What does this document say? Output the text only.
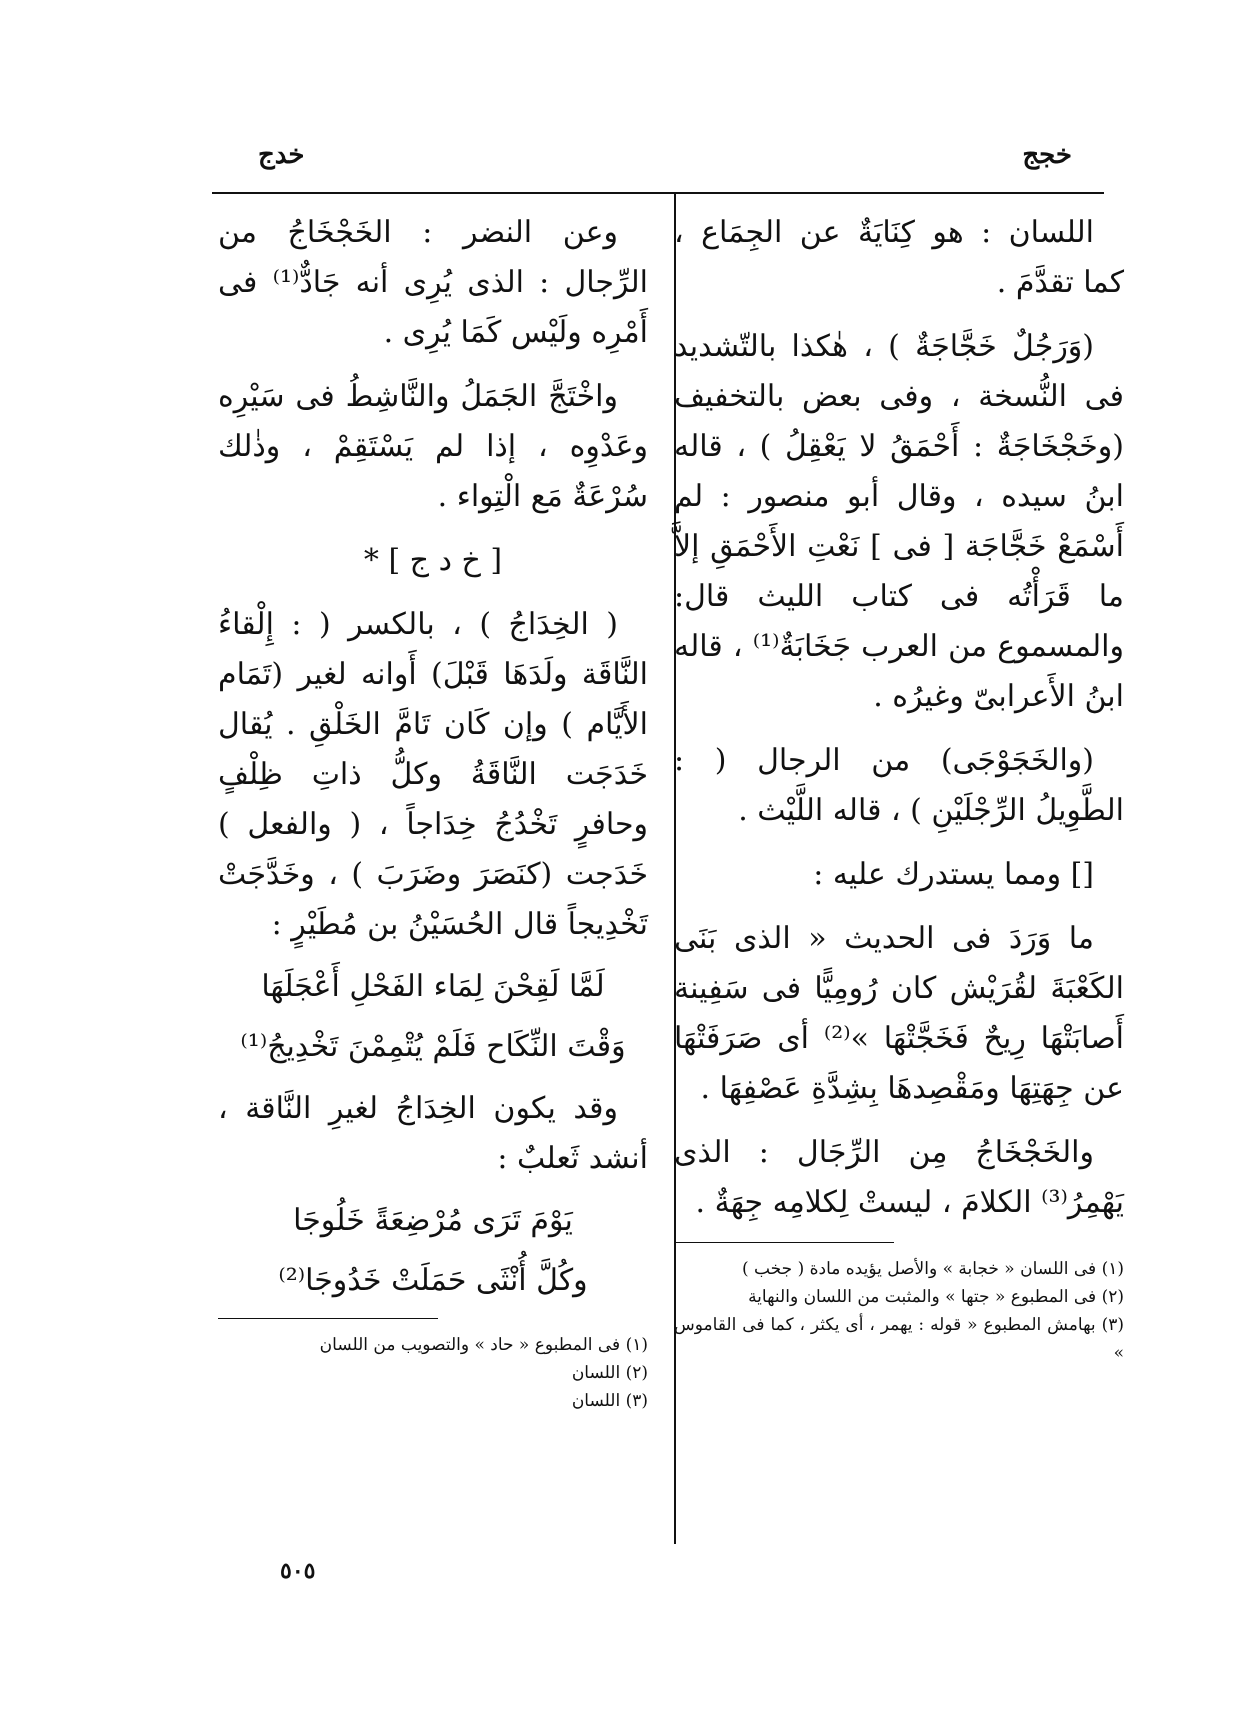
خجج
خدج

اللسان : هو كِنَايَةٌ عن الجِمَاع ، كما تقدَّمَ .

(وَرَجُلٌ خَجَّاجَةٌ ) ، هٰكذا بالتّشديد فى النُّسخة ، وفى بعض بالتخفيف (وخَجْخَاجَةٌ : أَحْمَقُ لا يَعْقِلُ ) ، قاله ابنُ سيده ، وقال أبو منصور : لم أَسْمَعْ خَجَّاجَة [ فى ] نَعْتِ الأَحْمَقِ إلاَّ ما قَرَأْتُه فى كتاب الليث قال: والمسموع من العرب جَخَابَةٌ⁽¹⁾ ، قاله ابنُ الأَعرابىّ وغيرُه .

(والخَجَوْجَى) من الرجال ( : الطَّوِيلُ الرِّجْلَيْنِ ) ، قاله اللَّيْث .

[] ومما يستدرك عليه :

ما وَرَدَ فى الحديث « الذى بَنَى الكَعْبَةَ لقُرَيْش كان رُومِيًّا فى سَفِينة أَصابَتْهَا رِيحٌ فَخَجَّتْهَا »⁽²⁾ أى صَرَفَتْهَا عن جِهَتِهَا ومَقْصِدهَا بِشِدَّةِ عَصْفِهَا .

والخَجْخَاجُ مِن الرِّجَال : الذى يَهْمِرُ⁽³⁾ الكلامَ ، ليستْ لِكلامِه جِهَةٌ .

(١) فى اللسان « خجابة » والأصل يؤيده مادة ( جخب )
(٢) فى المطبوع « جتها » والمثبت من اللسان والنهاية
(٣) بهامش المطبوع « قوله : يهمر ، أى يكثر ، كما فى القاموس »

وعن النضر : الخَجْخَاجُ من الرِّجال : الذى يُرِى أنه جَادٌّ⁽¹⁾ فى أَمْرِه ولَيْس كَمَا يُرِى .

واخْتَجَّ الجَمَلُ والنَّاشِطُ فى سَيْرِه وعَدْوِه ، إذا لم يَسْتَقِمْ ، وذٰلك سُرْعَةٌ مَع الْتِواء .

[ خ د ج ] *

( الخِدَاجُ ) ، بالكسر ( : إِلْقاءُ النَّاقَة ولَدَهَا قَبْلَ) أَوانه لغير (تَمَام الأَيَّام ) وإن كَان تَامَّ الخَلْقِ . يُقال خَدَجَت النَّاقَةُ وكلُّ ذاتِ ظِلْفٍ وحافرٍ تَخْدُجُ خِدَاجاً ، ( والفعل ) خَدَجت (كنَصَرَ وضَرَبَ ) ، وخَدَّجَتْ تَخْدِيجاً قال الحُسَيْنُ بن مُطَيْرٍ :

لَمَّا لَقِحْنَ لِمَاء الفَحْلِ أَعْجَلَهَا

وَقْتَ النِّكَاح فَلَمْ يُتْمِمْنَ تَخْدِيجُ⁽¹⁾

وقد يكون الخِدَاجُ لغيرِ النَّاقة ، أنشد ثَعلبٌ :

يَوْمَ تَرَى مُرْضِعَةً خَلُوجَا

وكُلَّ أُنْثَى حَمَلَتْ خَدُوجَا⁽²⁾

(١) فى المطبوع « حاد » والتصويب من اللسان
(٢) اللسان
(٣) اللسان
٥٠٥
